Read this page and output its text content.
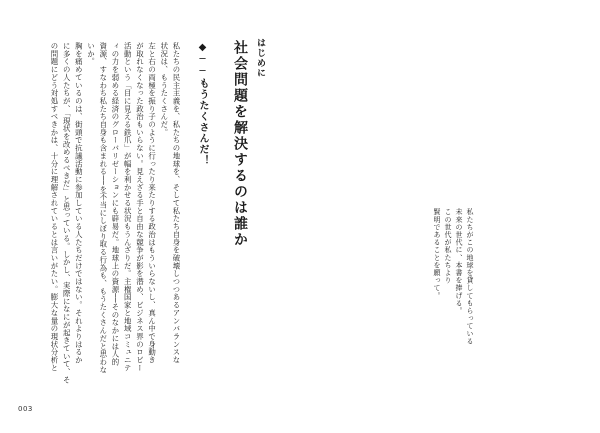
私たちがこの地球を貸してもらっている
未来の世代に、本書を捧げる。
この世代が私たちより
賢明であることを願って。
はじめに
社会問題を解決するのは誰か
◆──もうたくさんだ！
私たちの民主主義を、私たちの地球を、そして私たち自身を破壊しつつあるアンバランスな
状況は、もうたくさんだ。
左と右の両極を振り子のように行ったり来たりする政治はもういらないし、真ん中で身動き
が取れなくなった政治もいらない。見えざる手と自由な競争が影を潜め、ビジネス界のロビー
活動という「目に見える鉄爪」が幅を利かせる状況もうんざりだ。主権国家と地域コミュニテ
ィの力を弱める経済のグローバリゼーションにも辟易だ。地球上の資源──そのなかには人的
資源、すなわち私たち自身も含まれる──を不当にしぼり取る行為も、もうたくさんだと思わな
いか。
胸を痛めているのは、街頭で抗議活動に参加している人たちだけではない。それよりはるか
に多くの人たちが、「現状を改めるべきだ」と思っている。しかし、実際になにが起きていて、そ
の問題にどう対処すべきかは、十分に理解されているとは言いがたい。膨大な量の現状分析と
003
